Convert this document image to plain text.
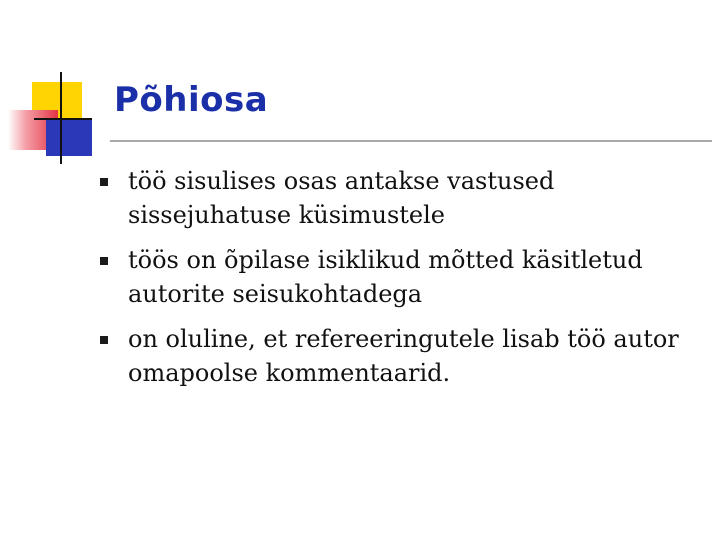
Põhiosa
töö sisulises osas antakse vastused sissejuhatuse küsimustele
töös on õpilase isiklikud mõtted käsitletud autorite seisukohtadega
on oluline, et refereeringutele lisab töö autor omapoolse kommentaarid.
